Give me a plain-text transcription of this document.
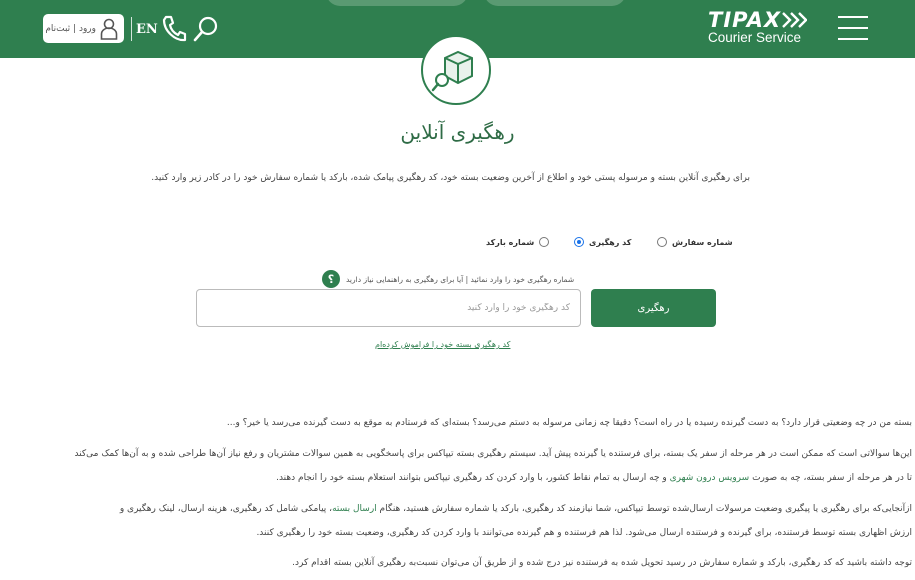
ورود | ثبت‌نام	EN	TIPAX
Courier Service
رهگیری آنلاین
برای رهگیری آنلاین بسته و مرسوله پستی خود و اطلاع از آخرین وضعیت بسته خود، کد رهگیری پیامک شده، بارکد یا شماره سفارش خود را در کادر زیر وارد کنید.
شماره سفارش
کد رهگیری
شماره بارکد
؟	شماره رهگیری خود را وارد نمائید | آیا برای رهگیری به راهنمایی نیاز دارید
کد رهگیری خود را وارد کنید
رهگیری
کد رهگیری بسته خود را فراموش کرده‌ام
بسته من در چه وضعیتی قرار دارد؟ به دست گیرنده رسیده یا در راه است؟ دقیقا چه زمانی مرسوله به دستم می‌رسد؟ بسته‌ای که فرستادم به موقع به دست گیرنده می‌رسد یا خیر؟ و...
این‌ها سوالاتی است که ممکن است در هر مرحله از سفر یک بسته، برای فرستنده یا گیرنده پیش آید. سیستم رهگیری بسته تیپاکس برای پاسخگویی به همین سوالات مشتریان و رفع نیاز آن‌ها طراحی شده و به آن‌ها کمک می‌کند
تا در هر مرحله از سفر بسته، چه به صورت سرویس درون شهری و چه ارسال به تمام نقاط کشور، با وارد کردن کد رهگیری تیپاکس بتوانند استعلام بسته خود را انجام دهند.
ازآنجایی‌که برای رهگیری یا پیگیری وضعیت مرسولات ارسال‌شده توسط تیپاکس، شما نیازمند کد رهگیری، بارکد یا شماره سفارش هستید، هنگام ارسال بسته، پیامکی شامل کد رهگیری، هزینه ارسال، لینک رهگیری و
ارزش اظهاری بسته توسط فرستنده، برای گیرنده و فرستنده ارسال می‌شود. لذا هم فرستنده و هم گیرنده می‌توانند با وارد کردن کد رهگیری، وضعیت بسته خود را رهگیری کنند.
توجه داشته باشید که کد رهگیری، بارکد و شماره سفارش در رسید تحویل شده به فرستنده نیز درج شده و از طریق آن می‌توان نسبت‌به رهگیری آنلاین بسته اقدام کرد.
